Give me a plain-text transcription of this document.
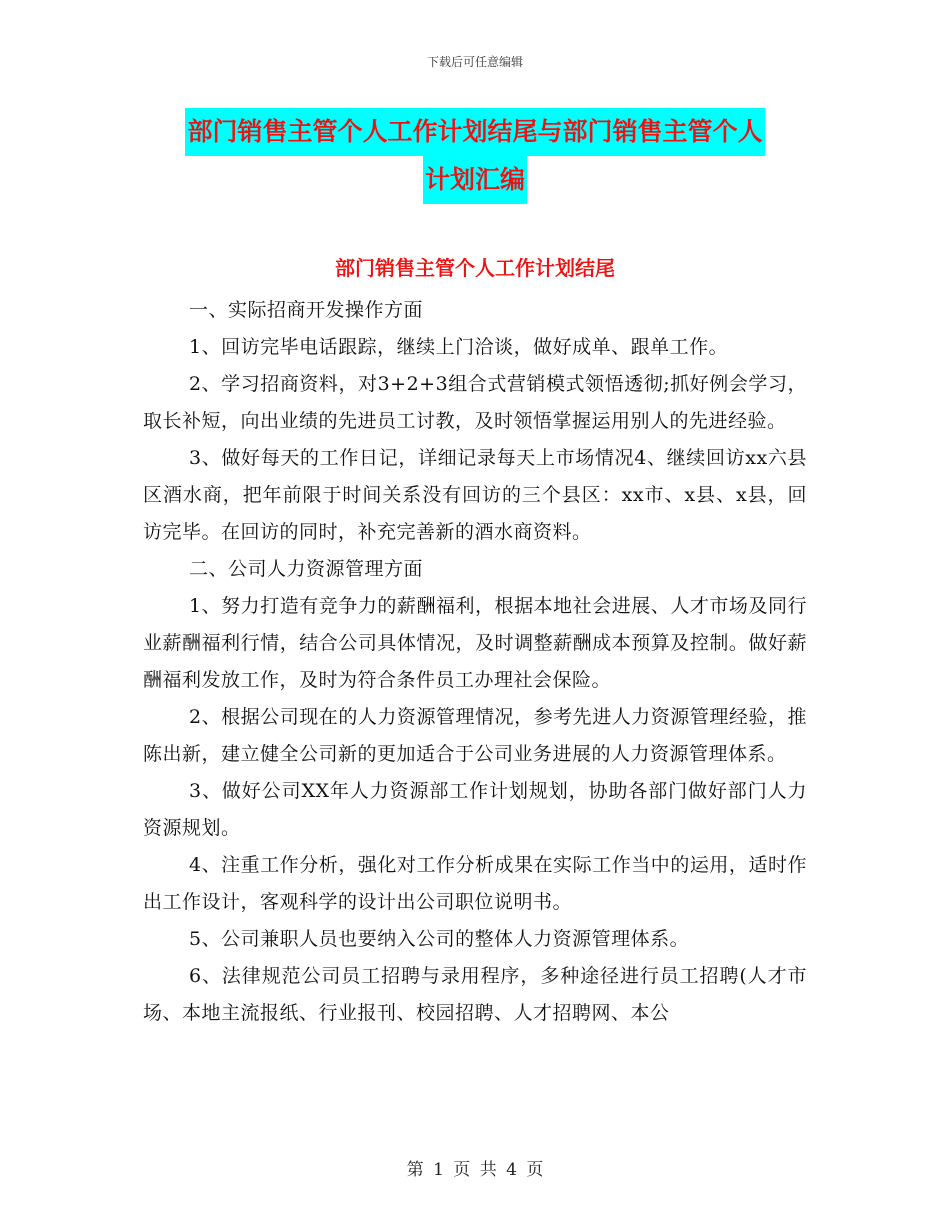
下载后可任意编辑
部门销售主管个人工作计划结尾与部门销售主管个人
计划汇编
部门销售主管个人工作计划结尾

一、实际招商开发操作方面

1、回访完毕电话跟踪，继续上门洽谈，做好成单、跟单工作。

2、学习招商资料，对3+2+3组合式营销模式领悟透彻;抓好例会学习，取长补短，向出业绩的先进员工讨教，及时领悟掌握运用别人的先进经验。

3、做好每天的工作日记，详细记录每天上市场情况4、继续回访xx六县区酒水商，把年前限于时间关系没有回访的三个县区：xx市、x县、x县，回访完毕。在回访的同时，补充完善新的酒水商资料。

二、公司人力资源管理方面

1、努力打造有竞争力的薪酬福利，根据本地社会进展、人才市场及同行业薪酬福利行情，结合公司具体情况，及时调整薪酬成本预算及控制。做好薪酬福利发放工作，及时为符合条件员工办理社会保险。

2、根据公司现在的人力资源管理情况，参考先进人力资源管理经验，推陈出新，建立健全公司新的更加适合于公司业务进展的人力资源管理体系。

3、做好公司XX年人力资源部工作计划规划，协助各部门做好部门人力资源规划。

4、注重工作分析，强化对工作分析成果在实际工作当中的运用，适时作出工作设计，客观科学的设计出公司职位说明书。

5、公司兼职人员也要纳入公司的整体人力资源管理体系。

6、法律规范公司员工招聘与录用程序，多种途径进行员工招聘(人才市场、本地主流报纸、行业报刊、校园招聘、人才招聘网、本公

第 1 页 共 4 页
